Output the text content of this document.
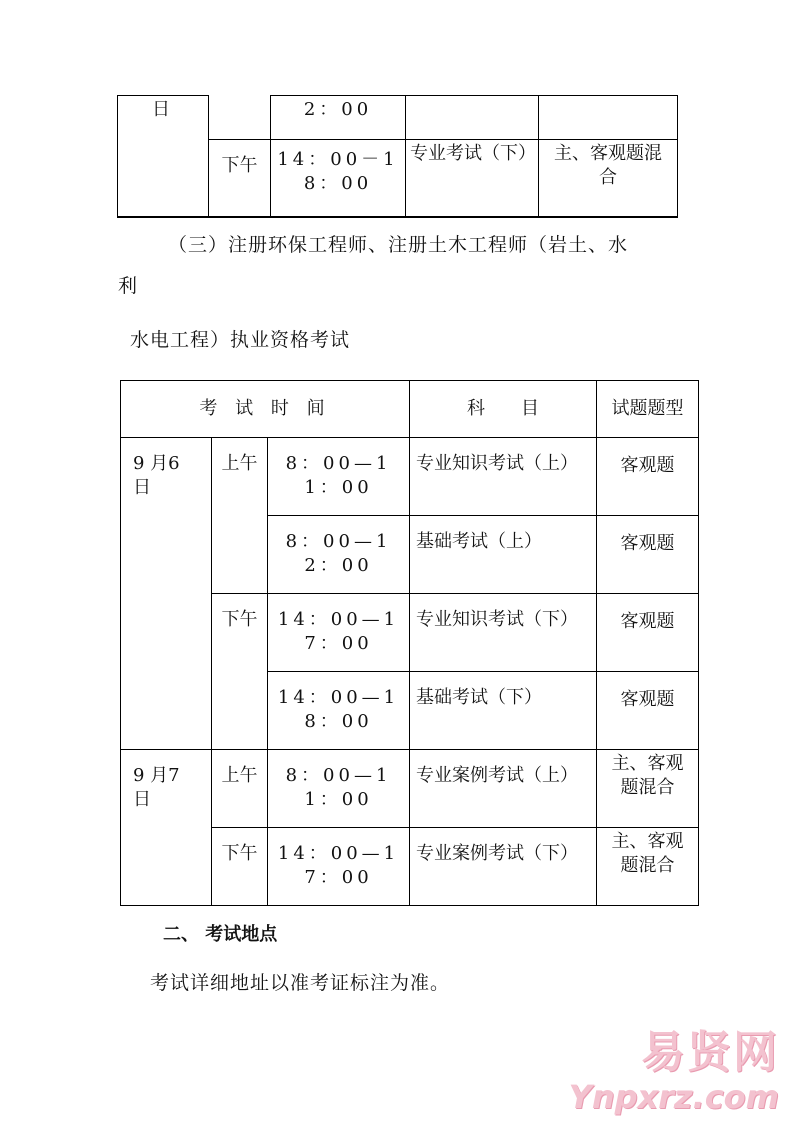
日		2：00		

	下午	14：00－18：00	专业考试（下）	主、客观题混合
（三）注册环保工程师、注册土木工程师（岩土、水
利
水电工程）执业资格考试
考 试 时 间			科　　目	试题题型

9 月6日	上午	8：00—11：00	专业知识考试（上）	客观题

		8：00—12：00	基础考试（上）	客观题

	下午	14：00—17：00	专业知识考试（下）	客观题

		14：00—18：00	基础考试（下）	客观题

9 月7日	上午	8：00—11：00	专业案例考试（上）	主、客观题混合

	下午	14：00—17：00	专业案例考试（下）	主、客观题混合
二、 考试地点
考试详细地址以准考证标注为准。
易贤网
Ynpxrz.com
